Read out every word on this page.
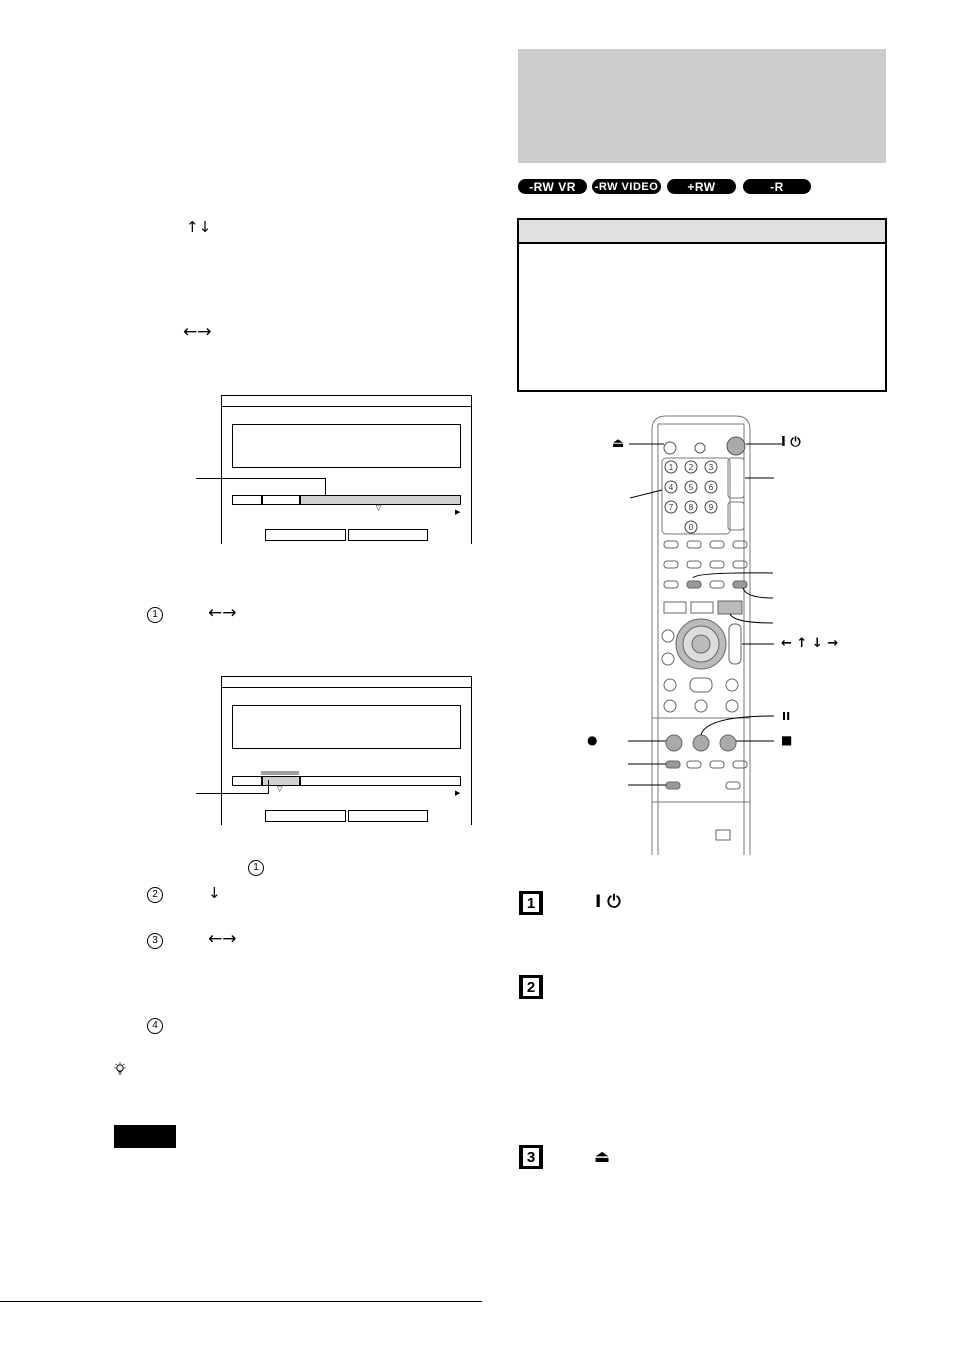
↑↓
←→
▽
▶
1	←→
▽
▶
1
2	↓
3	←→
4
-RW VR	-RW VIDEO	+RW	-R
1 2 3
4 5 6
7 8 9
0
⏏	I ⏻
← ↑ ↓ →
II
●	■
1	I ⏻
2
3	⏏
